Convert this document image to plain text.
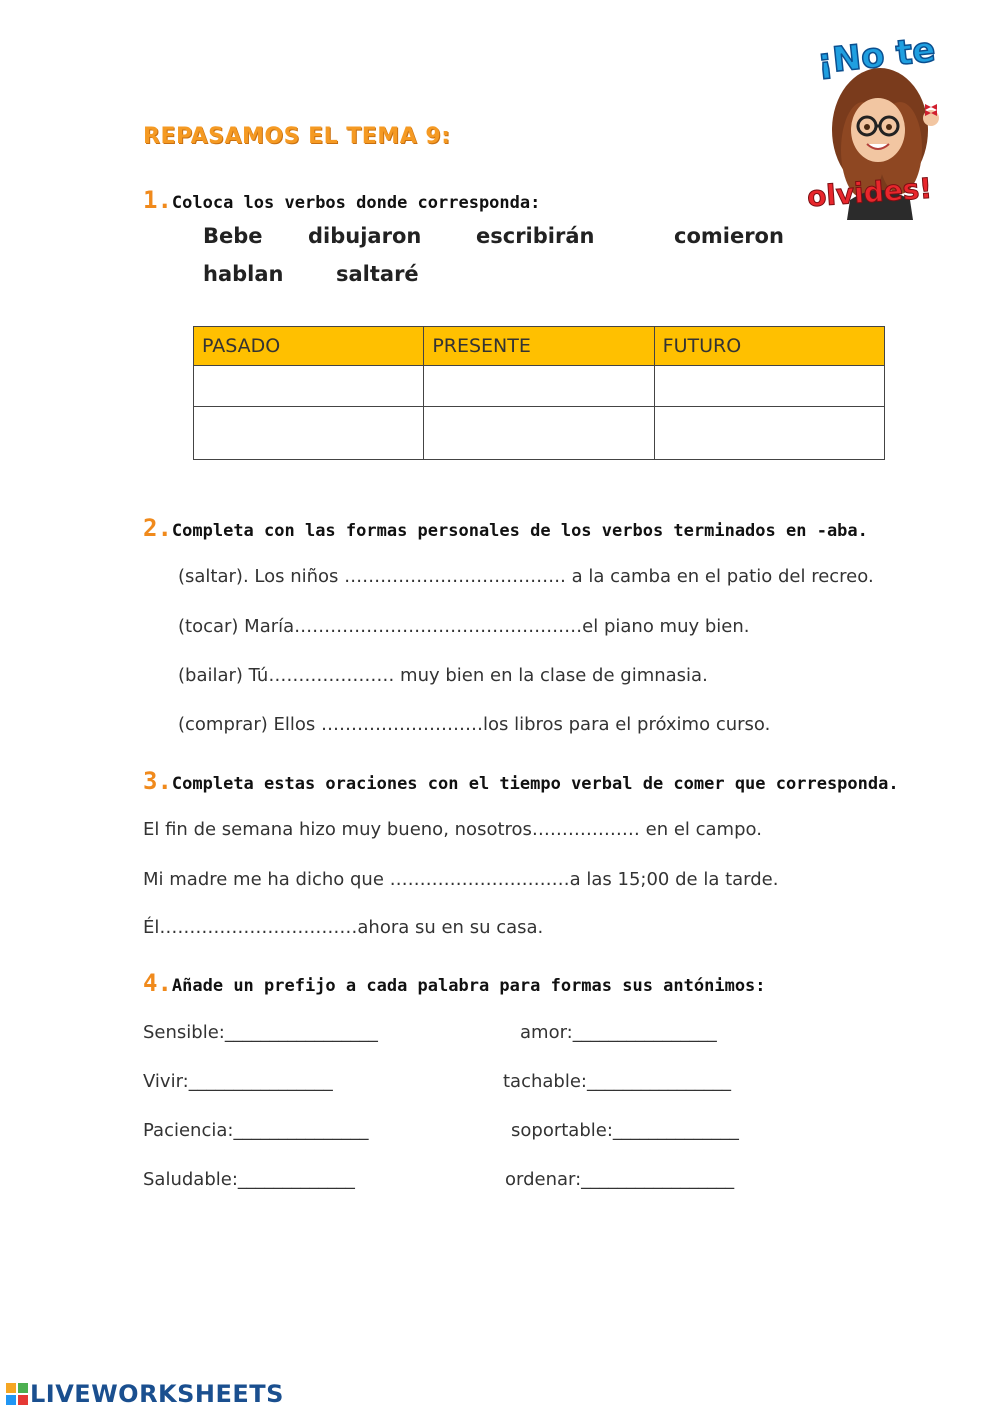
REPASAMOS EL TEMA 9:
¡No te
olvides!
1.Coloca los verbos donde corresponda:
Bebe dibujaron	escribirán	comieron
hablan	saltaré
PASADO	PRESENTE	FUTURO

2.Completa con las formas personales de los verbos terminados en -aba.
(saltar). Los niños ………………………………. a la camba en el patio del recreo.
(tocar) María…………………………………………el piano muy bien.
(bailar) Tú………………… muy bien en la clase de gimnasia.
(comprar) Ellos ………………………los libros para el próximo curso.
3.Completa estas oraciones con el tiempo verbal de comer que corresponda.
El fin de semana hizo muy bueno, nosotros……………… en el campo.
Mi madre me ha dicho que …………………………a las 15;00 de la tarde.
Él……………………………ahora su en su casa.
4.Añade un prefijo a cada palabra para formas sus antónimos:
Sensible:_________________
Vivir:________________
Paciencia:_______________
Saludable:_____________
amor:________________
tachable:________________
soportable:______________
ordenar:_________________
LIVEWORKSHEETS
